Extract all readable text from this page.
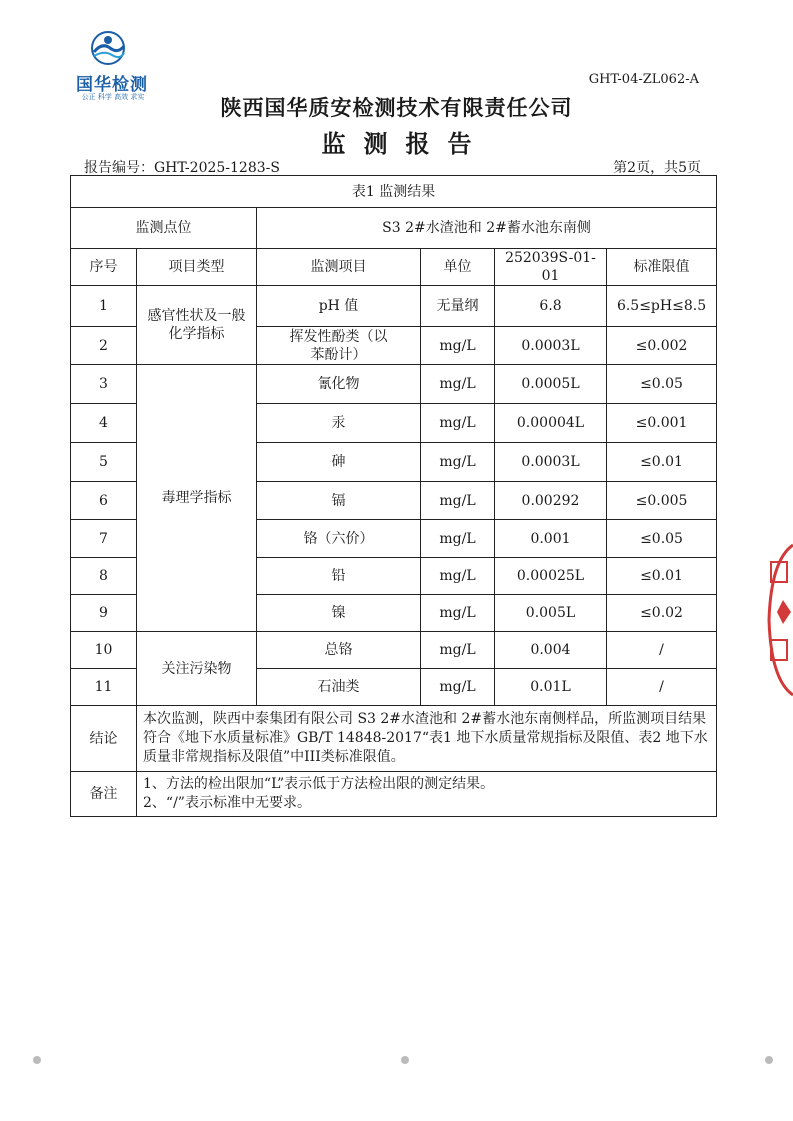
国华检测
公正 科学 高效 求实
GHT-04-ZL062-A
陕西国华质安检测技术有限责任公司
监测报告
报告编号：GHT-2025-1283-S	第2页，共5页
表1 监测结果					
监测点位		S3 2#水渣池和 2#蓄水池东南侧			
序号	项目类型	监测项目	单位	252039S-01-01	标准限值
1	感官性状及一般化学指标	pH 值	无量纲	6.8	6.5≤pH≤8.5
2		挥发性酚类（以苯酚计）	mg/L	0.0003L	≤0.002
3	毒理学指标	氰化物	mg/L	0.0005L	≤0.05
4		汞	mg/L	0.00004L	≤0.001
5		砷	mg/L	0.0003L	≤0.01
6		镉	mg/L	0.00292	≤0.005
7		铬（六价）	mg/L	0.001	≤0.05
8		铅	mg/L	0.00025L	≤0.01
9		镍	mg/L	0.005L	≤0.02
10	关注污染物	总铬	mg/L	0.004	/
11		石油类	mg/L	0.01L	/
结论	本次监测，陕西中泰集团有限公司 S3 2#水渣池和 2#蓄水池东南侧样品，所监测项目结果符合《地下水质量标准》GB/T 14848-2017“表1 地下水质量常规指标及限值、表2 地下水质量非常规指标及限值”中III类标准限值。				
备注	1、方法的检出限加“L”表示低于方法检出限的测定结果。
2、“/”表示标准中无要求。				
